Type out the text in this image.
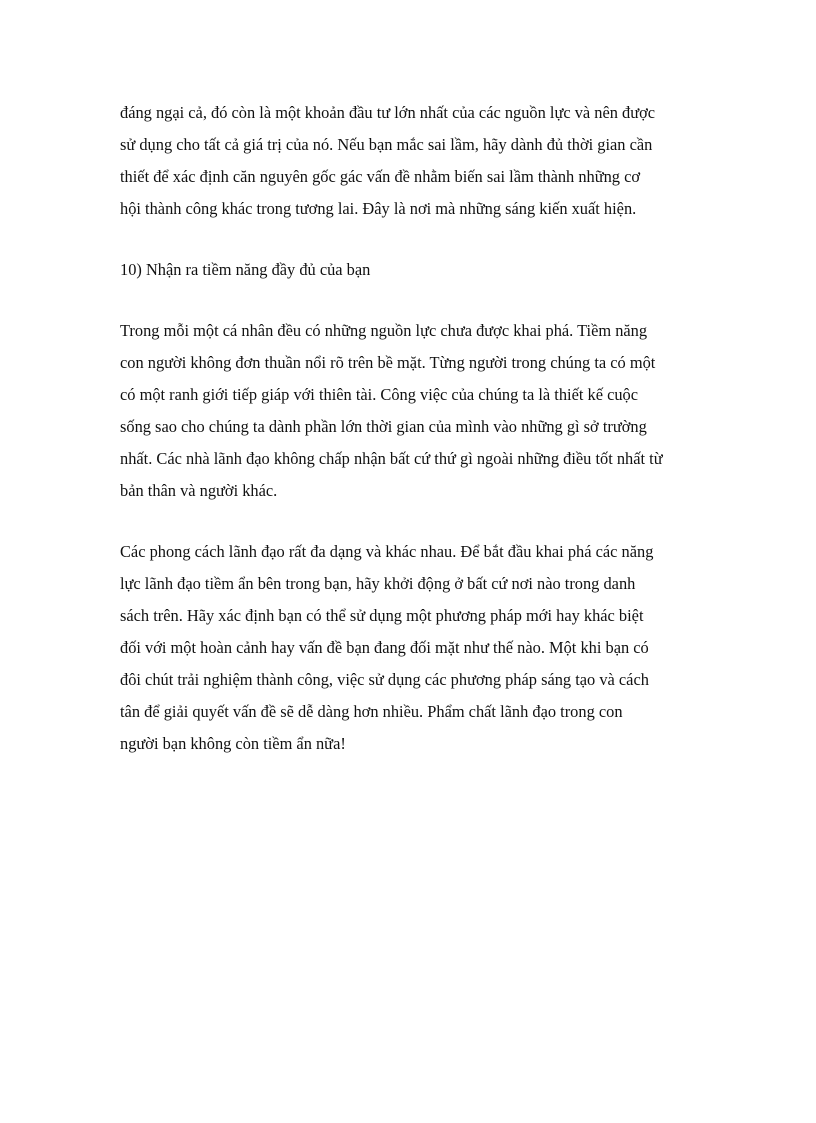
đáng ngại cả, đó còn là một khoản đầu tư lớn nhất của các nguồn lực và nên được
sử dụng cho tất cả giá trị của nó. Nếu bạn mắc sai lầm, hãy dành đủ thời gian cần
thiết để xác định căn nguyên gốc gác vấn đề nhằm biến sai lầm thành những cơ
hội thành công khác trong tương lai. Đây là nơi mà những sáng kiến xuất hiện.
10) Nhận ra tiềm năng đầy đủ của bạn
Trong mỗi một cá nhân đều có những nguồn lực chưa được khai phá. Tiềm năng
con người không đơn thuần nổi rõ trên bề mặt. Từng người trong chúng ta có một
có một ranh giới tiếp giáp với thiên tài. Công việc của chúng ta là thiết kế cuộc
sống sao cho chúng ta dành phần lớn thời gian của mình vào những gì sở trường
nhất. Các nhà lãnh đạo không chấp nhận bất cứ thứ gì ngoài những điều tốt nhất từ
bản thân và người khác.
Các phong cách lãnh đạo rất đa dạng và khác nhau. Để bắt đầu khai phá các năng
lực lãnh đạo tiềm ẩn bên trong bạn, hãy khởi động ở bất cứ nơi nào trong danh
sách trên. Hãy xác định bạn có thể sử dụng một phương pháp mới hay khác biệt
đối với một hoàn cảnh hay vấn đề bạn đang đối mặt như thế nào. Một khi bạn có
đôi chút trải nghiệm thành công, việc sử dụng các phương pháp sáng tạo và cách
tân để giải quyết vấn đề sẽ dễ dàng hơn nhiều. Phẩm chất lãnh đạo trong con
người bạn không còn tiềm ẩn nữa!
